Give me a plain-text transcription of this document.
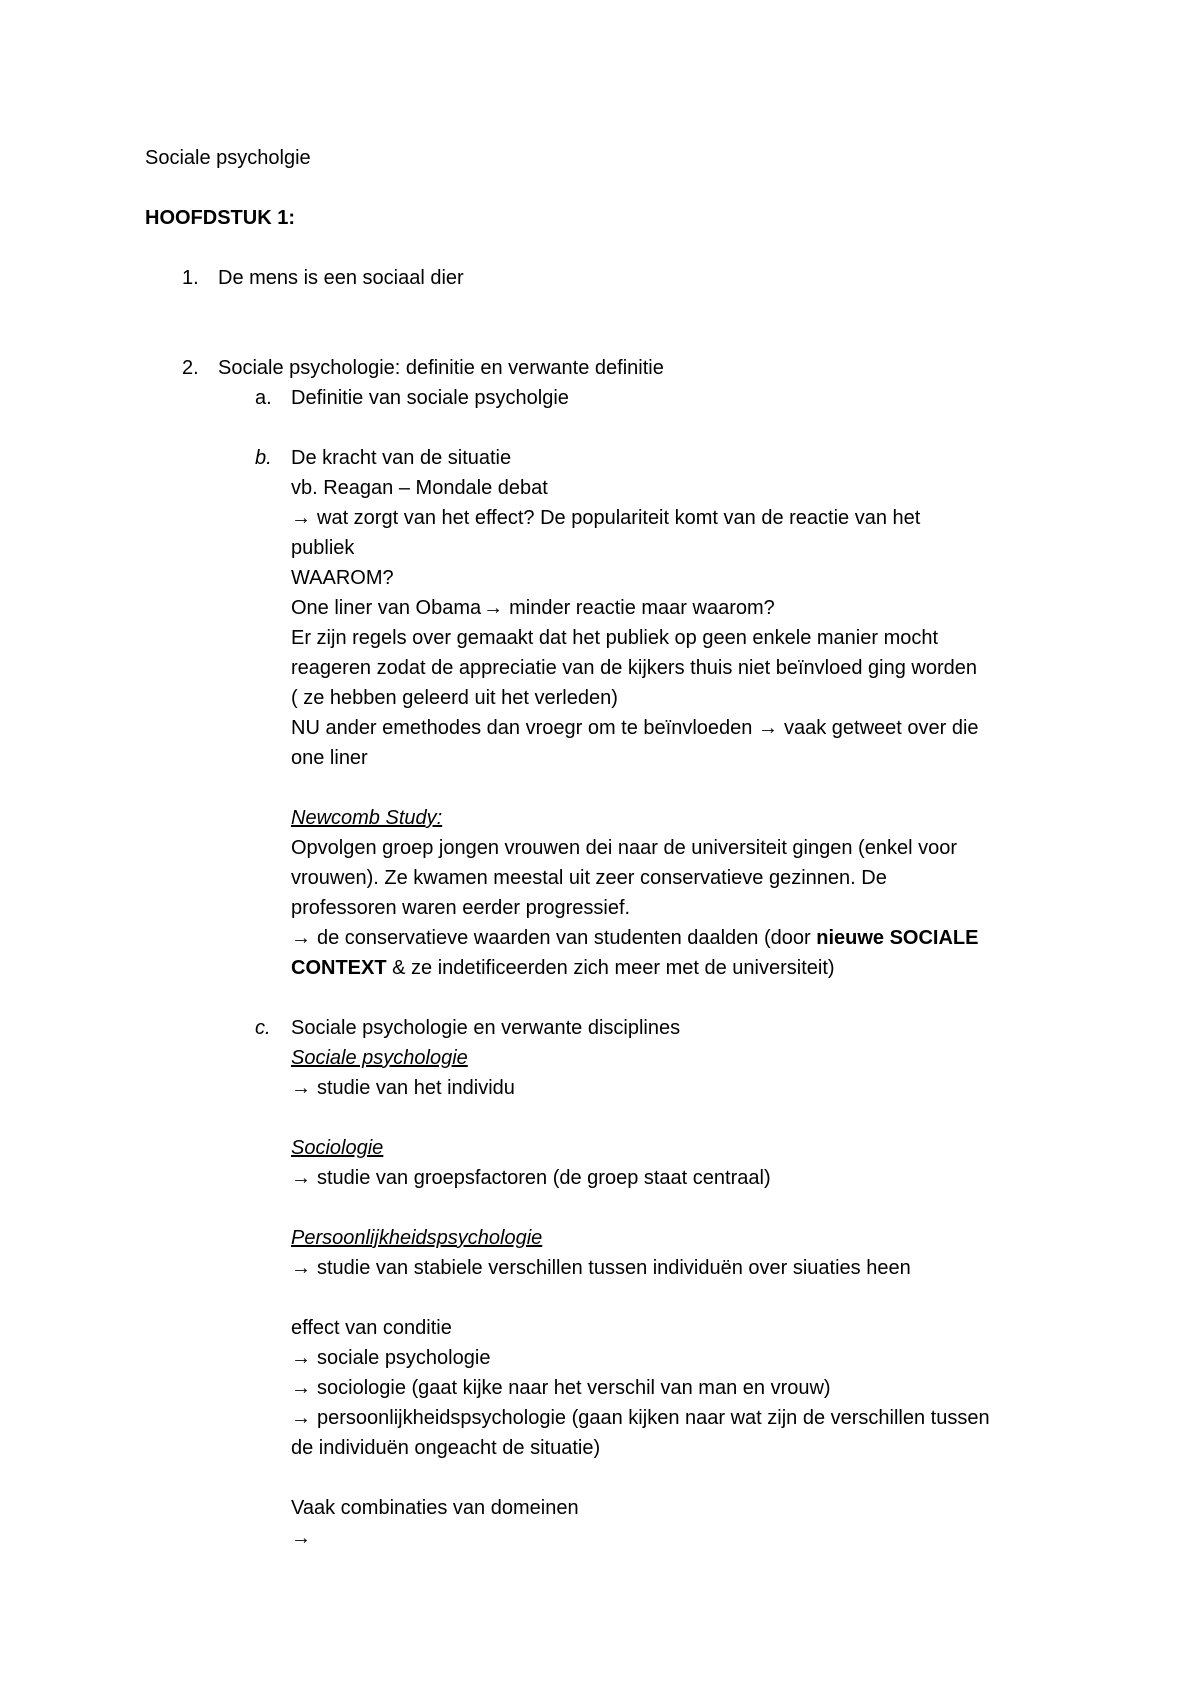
Sociale psycholgie
HOOFDSTUK 1:
1. De mens is een sociaal dier
2. Sociale psychologie: definitie en verwante definitie
a. Definitie van sociale psycholgie
b. De kracht van de situatie
vb. Reagan – Mondale debat
→ wat zorgt van het effect? De populariteit komt van de reactie van het
publiek
WAAROM?
One liner van Obama → minder reactie maar waarom?
Er zijn regels over gemaakt dat het publiek op geen enkele manier mocht
reageren zodat de appreciatie van de kijkers thuis niet beïnvloed ging worden
( ze hebben geleerd uit het verleden)
NU ander emethodes dan vroegr om te beïnvloeden → vaak getweet over die
one liner
Newcomb Study:
Opvolgen groep jongen vrouwen dei naar de universiteit gingen (enkel voor
vrouwen). Ze kwamen meestal uit zeer conservatieve gezinnen. De
professoren waren eerder progressief.
→ de conservatieve waarden van studenten daalden (door nieuwe SOCIALE
CONTEXT & ze indetificeerden zich meer met de universiteit)
c. Sociale psychologie en verwante disciplines
Sociale psychologie
→ studie van het individu
Sociologie
→ studie van groepsfactoren (de groep staat centraal)
Persoonlijkheidspsychologie
→ studie van stabiele verschillen tussen individuën over siuaties heen
effect van conditie
→ sociale psychologie
→ sociologie (gaat kijke naar het verschil van man en vrouw)
→ persoonlijkheidspsychologie (gaan kijken naar wat zijn de verschillen tussen
de individuën ongeacht de situatie)
Vaak combinaties van domeinen
→
